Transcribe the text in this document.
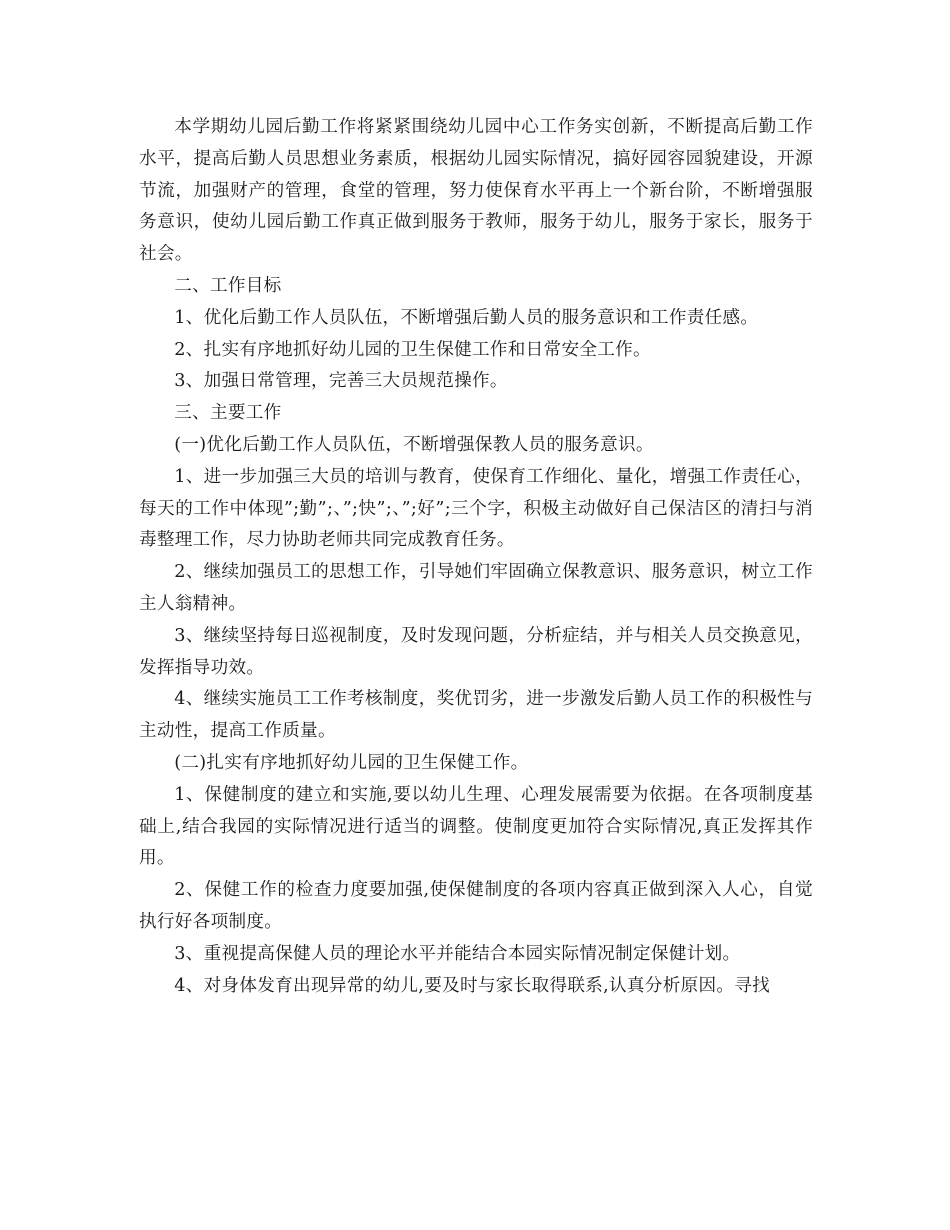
本学期幼儿园后勤工作将紧紧围绕幼儿园中心工作务实创新，不断提高后勤工作水平，提高后勤人员思想业务素质，根据幼儿园实际情况，搞好园容园貌建设，开源节流，加强财产的管理，食堂的管理，努力使保育水平再上一个新台阶，不断增强服务意识，使幼儿园后勤工作真正做到服务于教师，服务于幼儿，服务于家长，服务于社会。

二、工作目标

1、优化后勤工作人员队伍，不断增强后勤人员的服务意识和工作责任感。

2、扎实有序地抓好幼儿园的卫生保健工作和日常安全工作。

3、加强日常管理，完善三大员规范操作。

三、主要工作

(一)优化后勤工作人员队伍，不断增强保教人员的服务意识。

1、进一步加强三大员的培训与教育，使保育工作细化、量化，增强工作责任心，每天的工作中体现”;勤”;、”;快”;、”;好”;三个字，积极主动做好自己保洁区的清扫与消毒整理工作，尽力协助老师共同完成教育任务。

2、继续加强员工的思想工作，引导她们牢固确立保教意识、服务意识，树立工作主人翁精神。

3、继续坚持每日巡视制度，及时发现问题，分析症结，并与相关人员交换意见，发挥指导功效。

4、继续实施员工工作考核制度，奖优罚劣，进一步激发后勤人员工作的积极性与主动性，提高工作质量。

(二)扎实有序地抓好幼儿园的卫生保健工作。

1、保健制度的建立和实施,要以幼儿生理、心理发展需要为依据。在各项制度基础上,结合我园的实际情况进行适当的调整。使制度更加符合实际情况,真正发挥其作用。

2、保健工作的检查力度要加强,使保健制度的各项内容真正做到深入人心，自觉执行好各项制度。

3、重视提高保健人员的理论水平并能结合本园实际情况制定保健计划。

4、对身体发育出现异常的幼儿,要及时与家长取得联系,认真分析原因。寻找
